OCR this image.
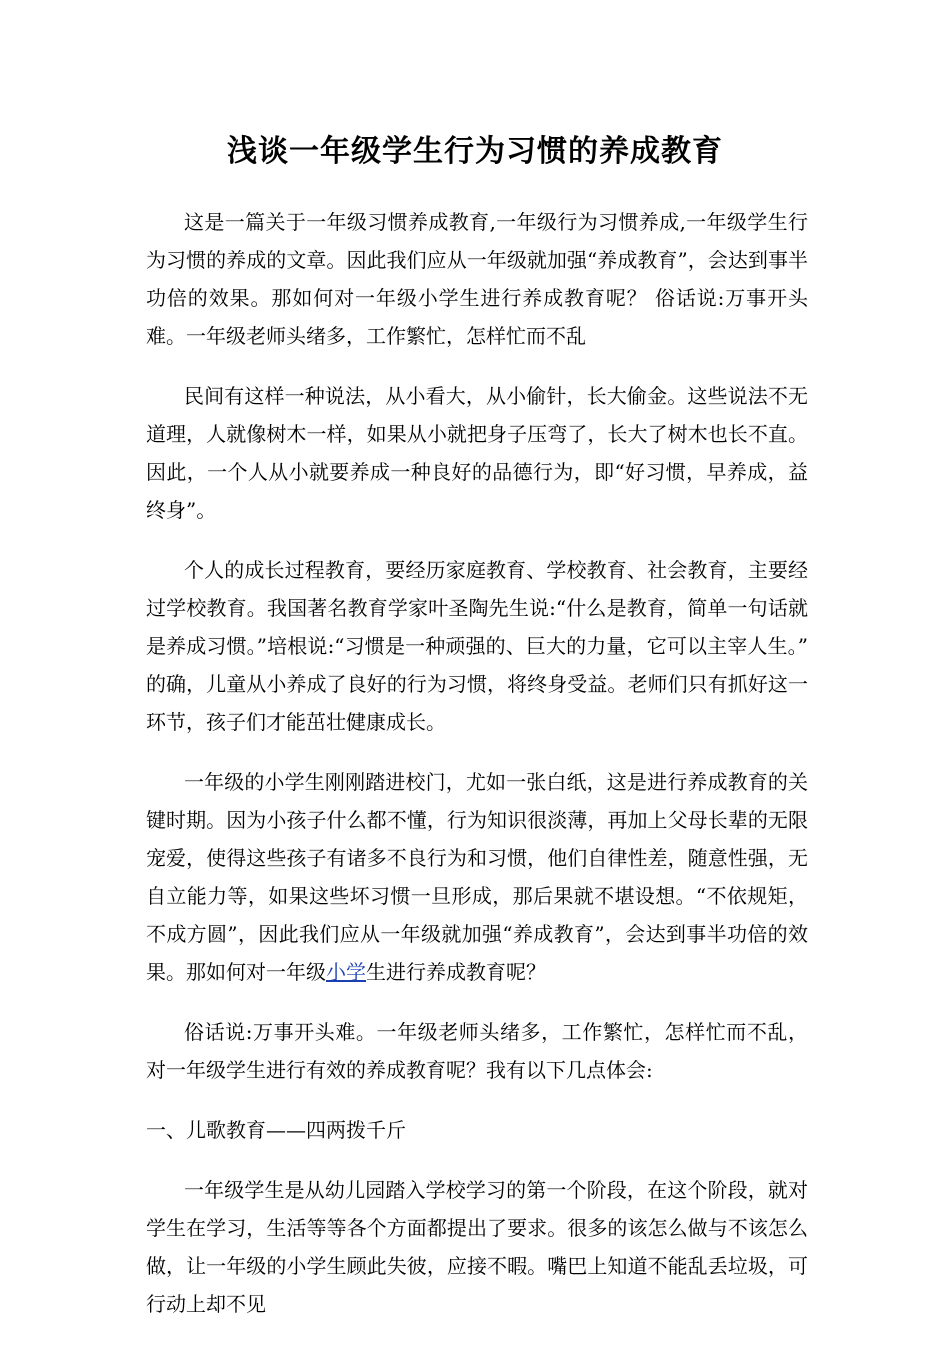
浅谈一年级学生行为习惯的养成教育

这是一篇关于一年级习惯养成教育,一年级行为习惯养成,一年级学生行为习惯的养成的文章。因此我们应从一年级就加强“养成教育”，会达到事半功倍的效果。那如何对一年级小学生进行养成教育呢？ 俗话说:万事开头难。一年级老师头绪多，工作繁忙，怎样忙而不乱

民间有这样一种说法，从小看大，从小偷针，长大偷金。这些说法不无道理，人就像树木一样，如果从小就把身子压弯了，长大了树木也长不直。因此，一个人从小就要养成一种良好的品德行为，即“好习惯，早养成，益终身”。

个人的成长过程教育，要经历家庭教育、学校教育、社会教育，主要经过学校教育。我国著名教育学家叶圣陶先生说:“什么是教育，简单一句话就是养成习惯。”培根说:“习惯是一种顽强的、巨大的力量，它可以主宰人生。” 的确，儿童从小养成了良好的行为习惯，将终身受益。老师们只有抓好这一环节，孩子们才能茁壮健康成长。

一年级的小学生刚刚踏进校门，尤如一张白纸，这是进行养成教育的关键时期。因为小孩子什么都不懂，行为知识很淡薄，再加上父母长辈的无限宠爱，使得这些孩子有诸多不良行为和习惯，他们自律性差，随意性强，无自立能力等，如果这些坏习惯一旦形成，那后果就不堪设想。“不依规矩，不成方圆”，因此我们应从一年级就加强“养成教育”，会达到事半功倍的效果。那如何对一年级小学生进行养成教育呢？

俗话说:万事开头难。一年级老师头绪多，工作繁忙，怎样忙而不乱，对一年级学生进行有效的养成教育呢？我有以下几点体会:

一、儿歌教育——四两拨千斤

一年级学生是从幼儿园踏入学校学习的第一个阶段，在这个阶段，就对学生在学习，生活等等各个方面都提出了要求。很多的该怎么做与不该怎么做，让一年级的小学生顾此失彼，应接不暇。嘴巴上知道不能乱丢垃圾，可行动上却不见
